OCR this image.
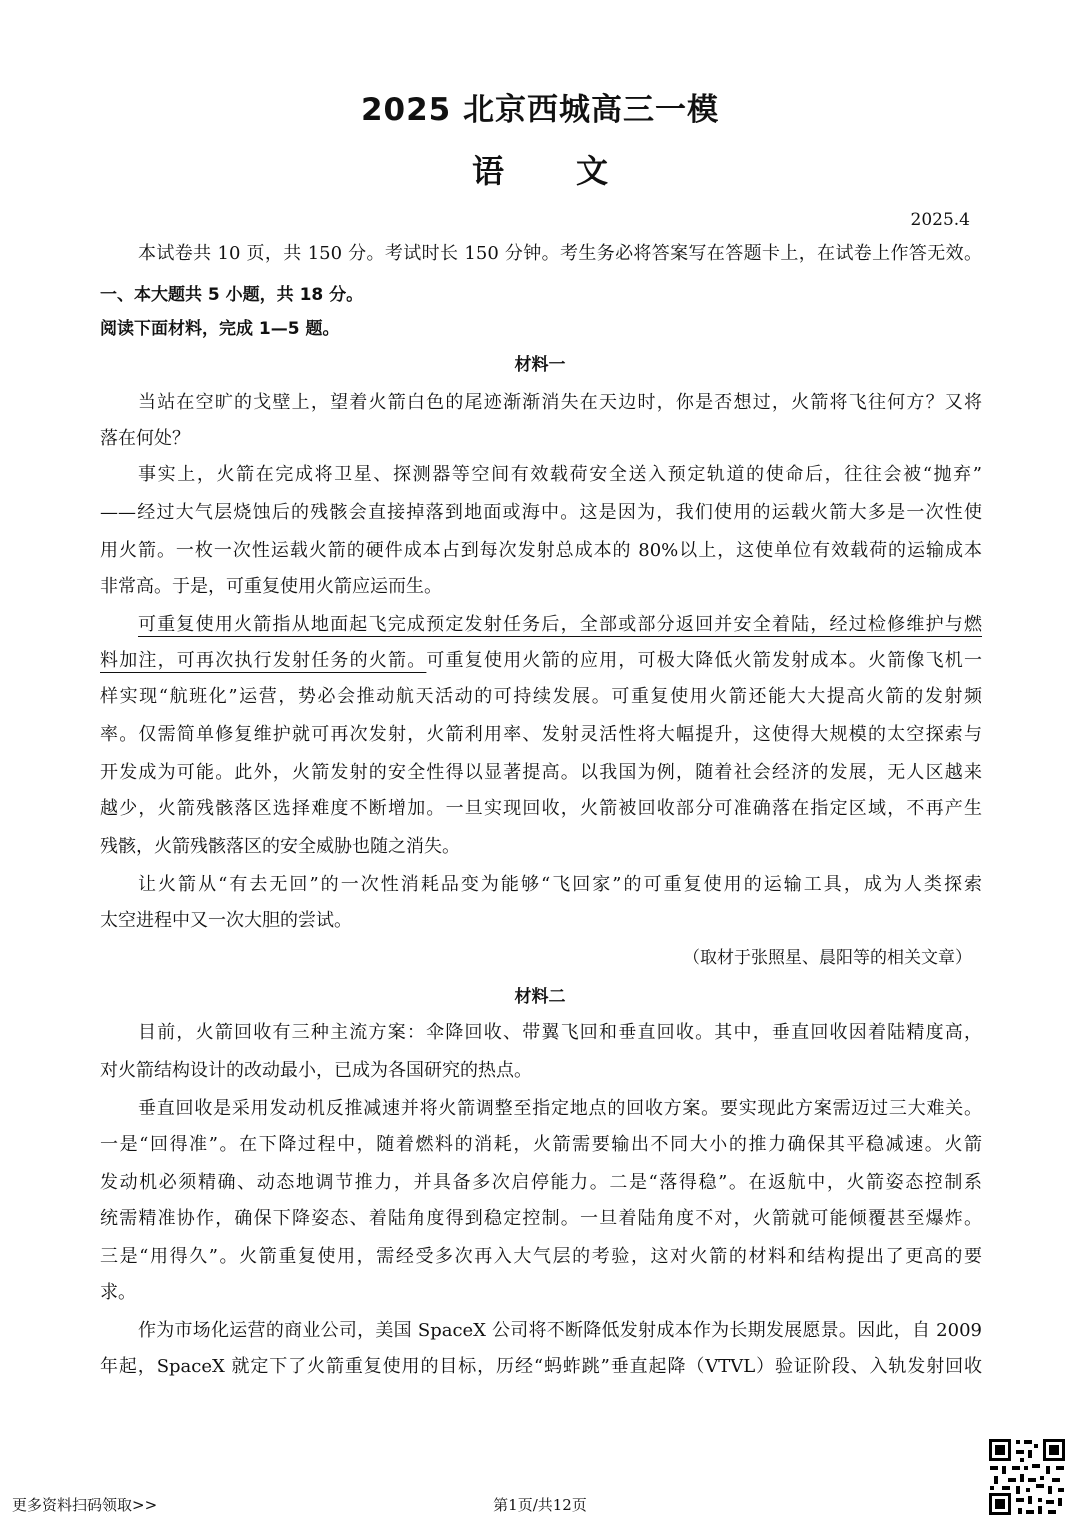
2025 北京西城高三一模
语 文
2025.4
本试卷共 10 页，共 150 分。考试时长 150 分钟。考生务必将答案写在答题卡上，在试卷上作答无效。
一、本大题共 5 小题，共 18 分。
阅读下面材料，完成 1—5 题。
材料一
当站在空旷的戈壁上，望着火箭白色的尾迹渐渐消失在天边时，你是否想过，火箭将飞往何方？又将
落在何处？
事实上，火箭在完成将卫星、探测器等空间有效载荷安全送入预定轨道的使命后，往往会被“抛弃”
——经过大气层烧蚀后的残骸会直接掉落到地面或海中。这是因为，我们使用的运载火箭大多是一次性使
用火箭。一枚一次性运载火箭的硬件成本占到每次发射总成本的 80%以上，这使单位有效载荷的运输成本
非常高。于是，可重复使用火箭应运而生。
可重复使用火箭指从地面起飞完成预定发射任务后，全部或部分返回并安全着陆，经过检修维护与燃
料加注，可再次执行发射任务的火箭。可重复使用火箭的应用，可极大降低火箭发射成本。火箭像飞机一
样实现“航班化”运营，势必会推动航天活动的可持续发展。可重复使用火箭还能大大提高火箭的发射频
率。仅需简单修复维护就可再次发射，火箭利用率、发射灵活性将大幅提升，这使得大规模的太空探索与
开发成为可能。此外，火箭发射的安全性得以显著提高。以我国为例，随着社会经济的发展，无人区越来
越少，火箭残骸落区选择难度不断增加。一旦实现回收，火箭被回收部分可准确落在指定区域，不再产生
残骸，火箭残骸落区的安全威胁也随之消失。
让火箭从“有去无回”的一次性消耗品变为能够“飞回家”的可重复使用的运输工具，成为人类探索
太空进程中又一次大胆的尝试。
（取材于张照星、晨阳等的相关文章）
材料二
目前，火箭回收有三种主流方案：伞降回收、带翼飞回和垂直回收。其中，垂直回收因着陆精度高，
对火箭结构设计的改动最小，已成为各国研究的热点。
垂直回收是采用发动机反推减速并将火箭调整至指定地点的回收方案。要实现此方案需迈过三大难关。
一是“回得准”。在下降过程中，随着燃料的消耗，火箭需要输出不同大小的推力确保其平稳减速。火箭
发动机必须精确、动态地调节推力，并具备多次启停能力。二是“落得稳”。在返航中，火箭姿态控制系
统需精准协作，确保下降姿态、着陆角度得到稳定控制。一旦着陆角度不对，火箭就可能倾覆甚至爆炸。
三是“用得久”。火箭重复使用，需经受多次再入大气层的考验，这对火箭的材料和结构提出了更高的要
求。
作为市场化运营的商业公司，美国 SpaceX 公司将不断降低发射成本作为长期发展愿景。因此，自 2009
年起，SpaceX 就定下了火箭重复使用的目标，历经“蚂蚱跳”垂直起降（VTVL）验证阶段、入轨发射回收
更多资料扫码领取>>	第1页/共12页
